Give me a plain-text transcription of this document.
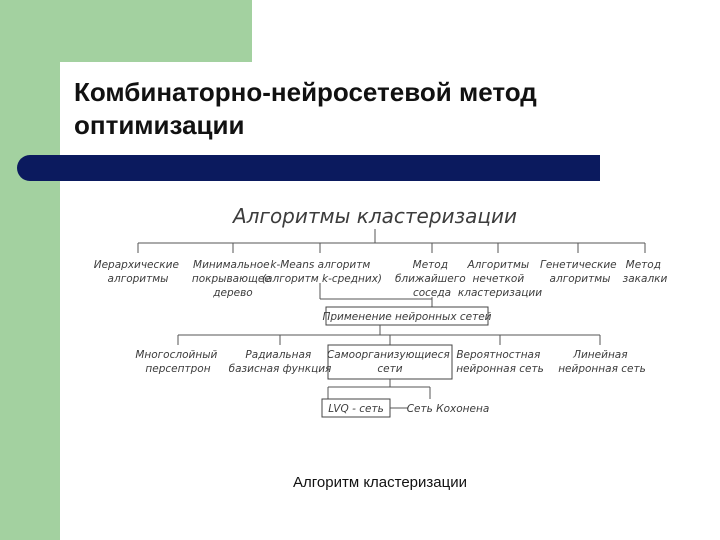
Комбинаторно-нейросетевой метод
оптимизации
Алгоритмы кластеризации
Иерархические алгоритмы
Минимальное покрывающее дерево
k-Means алгоритм (алгоритм k-средних)
Метод ближайшего соседа
Алгоритмы нечеткой кластеризации
Генетические алгоритмы
Метод закалки
Применение нейронных сетей
Многослойный персептрон
Радиальная базисная функция
Самоорганизующиеся сети
Вероятностная нейронная сеть
Линейная нейронная сеть
LVQ - сеть Сеть Кохонена
Алгоритм кластеризации
